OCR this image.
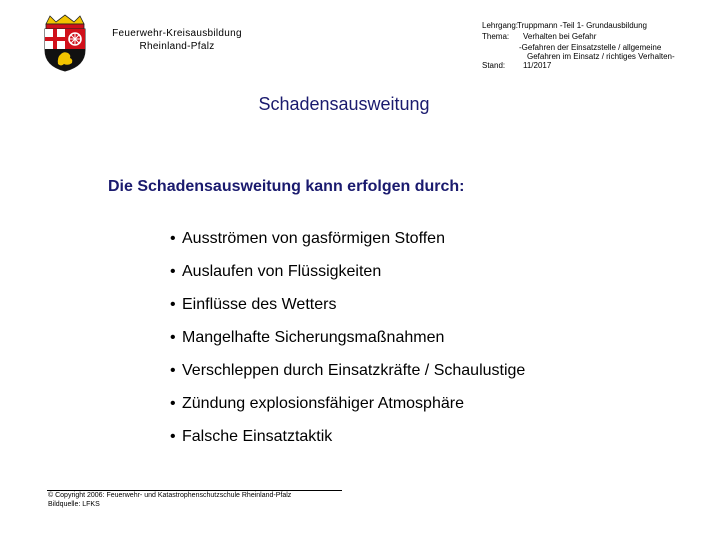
Feuerwehr-Kreisausbildung
Rheinland-Pfalz
Lehrgang:
Truppmann -Teil 1- Grundausbildung
Thema: Verhalten bei Gefahr
-Gefahren der Einsatzstelle / allgemeine
Gefahren im Einsatz / richtiges Verhalten-
Stand: 11/2017
Schadensausweitung
Die Schadensausweitung kann erfolgen durch:
• Ausströmen von gasförmigen Stoffen
• Auslaufen von Flüssigkeiten
• Einflüsse des Wetters
• Mangelhafte Sicherungsmaßnahmen
• Verschleppen durch Einsatzkräfte / Schaulustige
• Zündung explosionsfähiger Atmosphäre
• Falsche Einsatztaktik
© Copyright 2006: Feuerwehr- und Katastrophenschutzschule Rheinland-Pfalz
Bildquelle: LFKS
